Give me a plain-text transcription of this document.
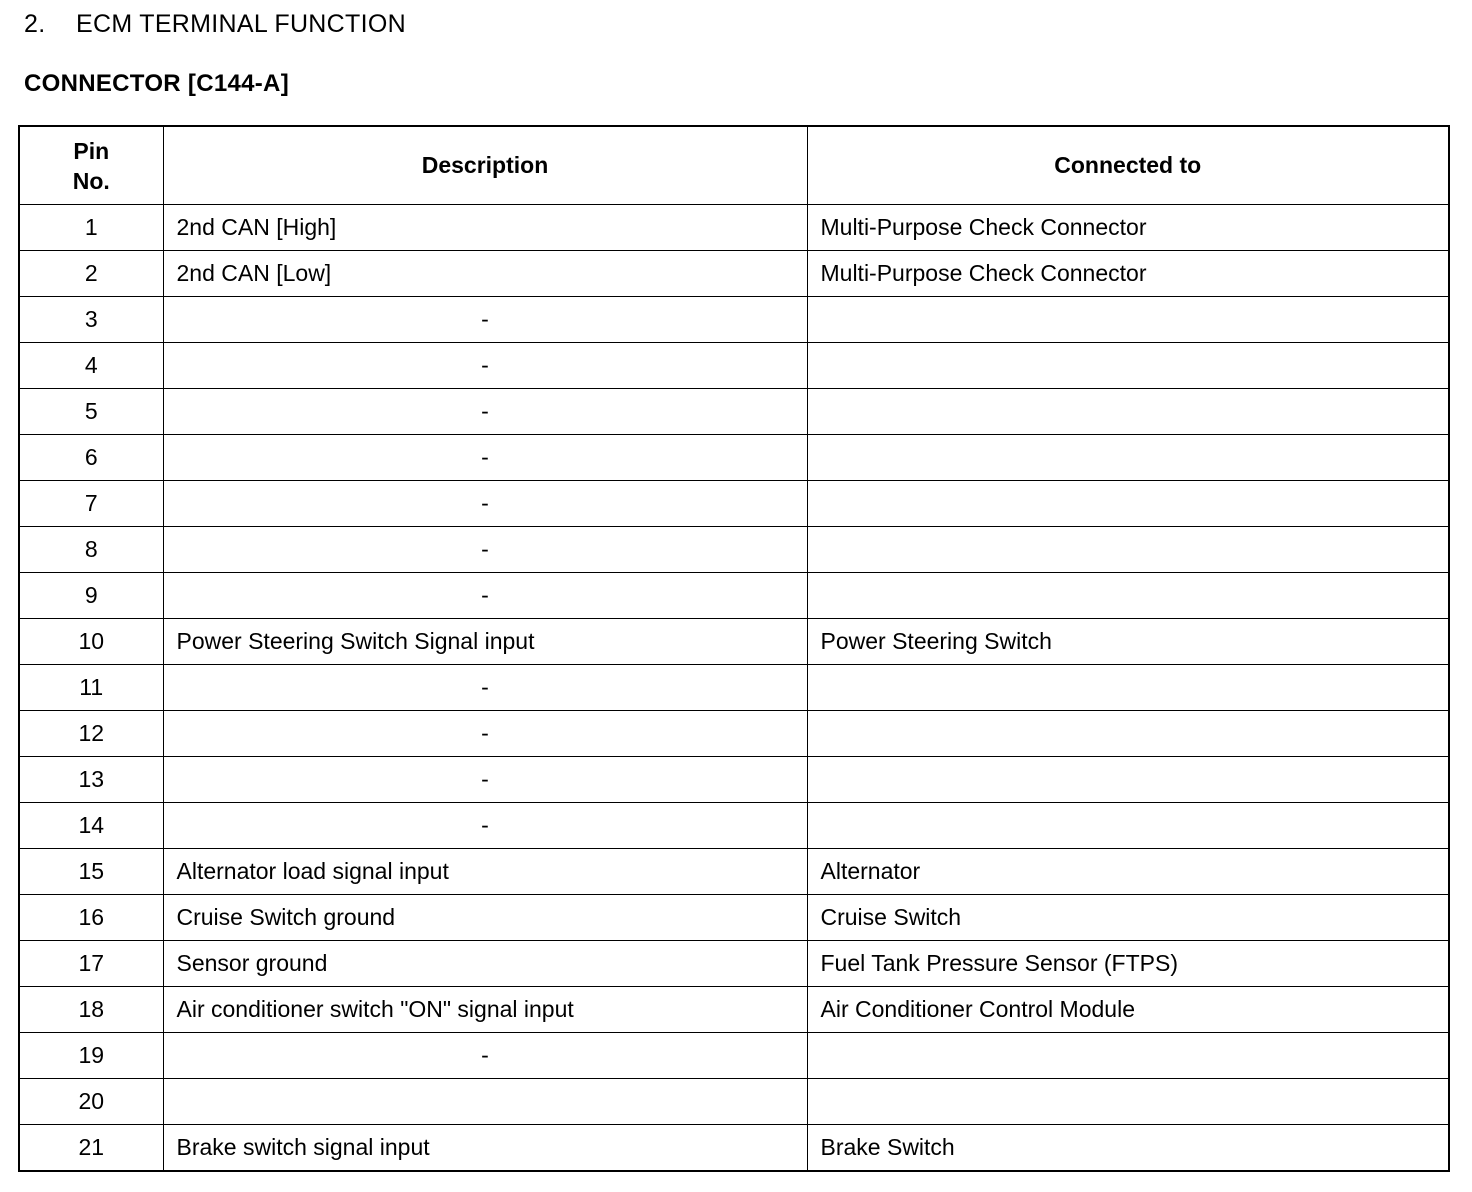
2. ECM TERMINAL FUNCTION
CONNECTOR [C144-A]
Pin
No.	Description	Connected to
1	2nd CAN [High]	Multi-Purpose Check Connector
2	2nd CAN [Low]	Multi-Purpose Check Connector
3	-	
4	-	
5	-	
6	-	
7	-	
8	-	
9	-	
10	Power Steering Switch Signal input	Power Steering Switch
11	-	
12	-	
13	-	
14	-	
15	Alternator load signal input	Alternator
16	Cruise Switch ground	Cruise Switch
17	Sensor ground	Fuel Tank Pressure Sensor (FTPS)
18	Air conditioner switch "ON" signal input	Air Conditioner Control Module
19	-	
20		
21	Brake switch signal input	Brake Switch
